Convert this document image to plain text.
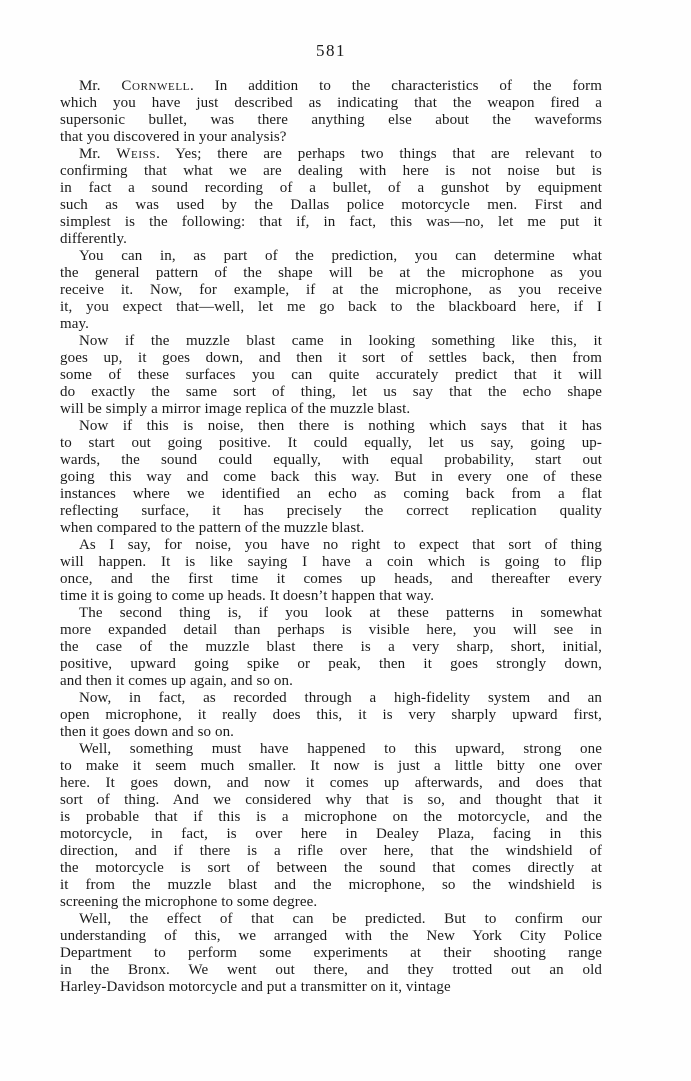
581

Mr. Cornwell. In addition to the characteristics of the form
which you have just described as indicating that the weapon fired a
supersonic bullet, was there anything else about the waveforms
that you discovered in your analysis?

Mr. Weiss. Yes; there are perhaps two things that are relevant to
confirming that what we are dealing with here is not noise but is
in fact a sound recording of a bullet, of a gunshot by equipment
such as was used by the Dallas police motorcycle men. First and
simplest is the following: that if, in fact, this was—no, let me put it
differently.

You can in, as part of the prediction, you can determine what
the general pattern of the shape will be at the microphone as you
receive it. Now, for example, if at the microphone, as you receive
it, you expect that—well, let me go back to the blackboard here, if I
may.

Now if the muzzle blast came in looking something like this, it
goes up, it goes down, and then it sort of settles back, then from
some of these surfaces you can quite accurately predict that it will
do exactly the same sort of thing, let us say that the echo shape
will be simply a mirror image replica of the muzzle blast.

Now if this is noise, then there is nothing which says that it has
to start out going positive. It could equally, let us say, going up-
wards, the sound could equally, with equal probability, start out
going this way and come back this way. But in every one of these
instances where we identified an echo as coming back from a flat
reflecting surface, it has precisely the correct replication quality
when compared to the pattern of the muzzle blast.

As I say, for noise, you have no right to expect that sort of thing
will happen. It is like saying I have a coin which is going to flip
once, and the first time it comes up heads, and thereafter every
time it is going to come up heads. It doesn’t happen that way.

The second thing is, if you look at these patterns in somewhat
more expanded detail than perhaps is visible here, you will see in
the case of the muzzle blast there is a very sharp, short, initial,
positive, upward going spike or peak, then it goes strongly down,
and then it comes up again, and so on.

Now, in fact, as recorded through a high-fidelity system and an
open microphone, it really does this, it is very sharply upward first,
then it goes down and so on.

Well, something must have happened to this upward, strong one
to make it seem much smaller. It now is just a little bitty one over
here. It goes down, and now it comes up afterwards, and does that
sort of thing. And we considered why that is so, and thought that it
is probable that if this is a microphone on the motorcycle, and the
motorcycle, in fact, is over here in Dealey Plaza, facing in this
direction, and if there is a rifle over here, that the windshield of
the motorcycle is sort of between the sound that comes directly at
it from the muzzle blast and the microphone, so the windshield is
screening the microphone to some degree.

Well, the effect of that can be predicted. But to confirm our
understanding of this, we arranged with the New York City Police
Department to perform some experiments at their shooting range
in the Bronx. We went out there, and they trotted out an old
Harley-Davidson motorcycle and put a transmitter on it, vintage
